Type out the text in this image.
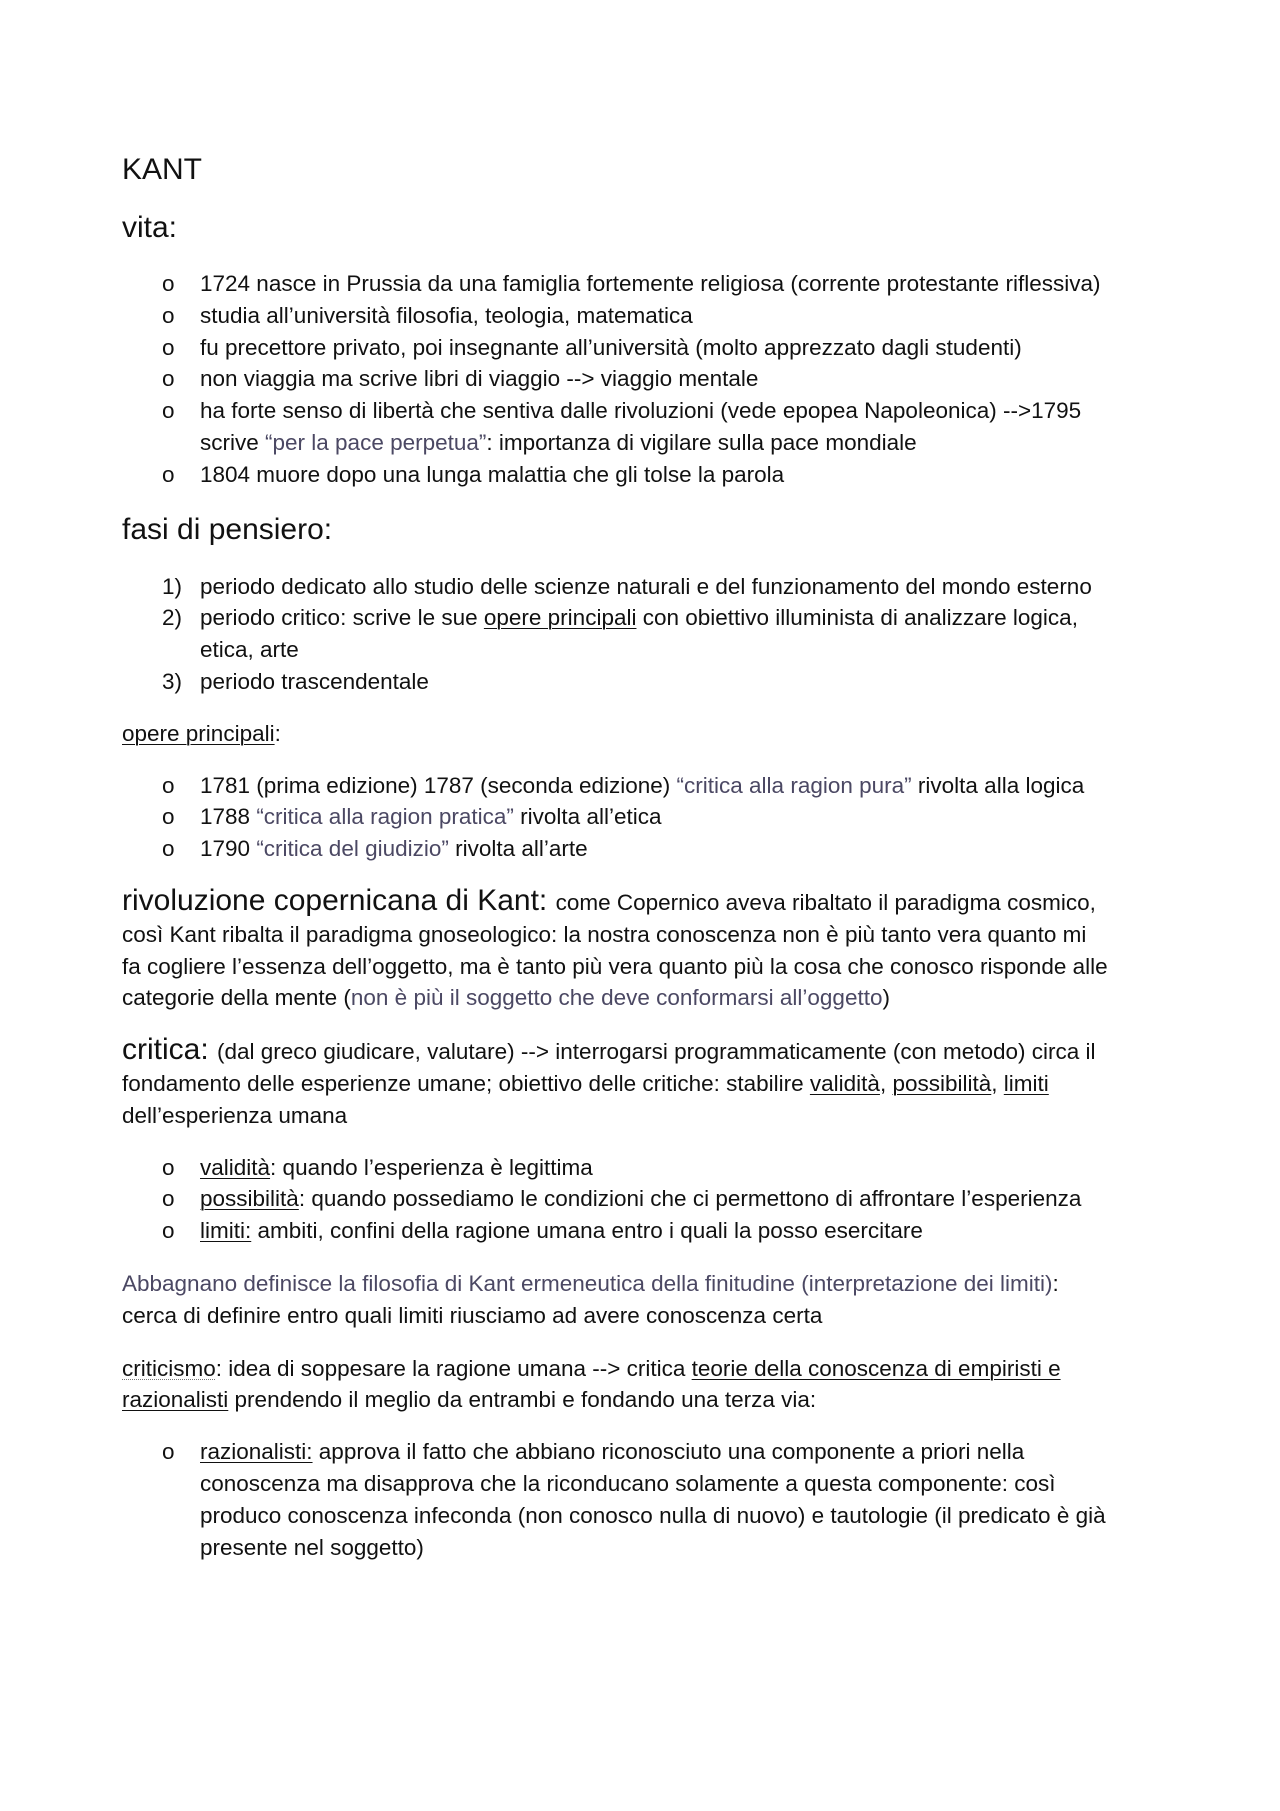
KANT

vita:

o 1724 nasce in Prussia da una famiglia fortemente religiosa (corrente protestante riflessiva)
o studia all’università filosofia, teologia, matematica
o fu precettore privato, poi insegnante all’università (molto apprezzato dagli studenti)
o non viaggia ma scrive libri di viaggio --> viaggio mentale
o ha forte senso di libertà che sentiva dalle rivoluzioni (vede epopea Napoleonica) -->1795
scrive “per la pace perpetua”: importanza di vigilare sulla pace mondiale
o 1804 muore dopo una lunga malattia che gli tolse la parola

fasi di pensiero:

1) periodo dedicato allo studio delle scienze naturali e del funzionamento del mondo esterno
2) periodo critico: scrive le sue opere principali con obiettivo illuminista di analizzare logica,
etica, arte
3) periodo trascendentale

opere principali:

o 1781 (prima edizione) 1787 (seconda edizione) “critica alla ragion pura” rivolta alla logica
o 1788 “critica alla ragion pratica” rivolta all’etica
o 1790 “critica del giudizio” rivolta all’arte

rivoluzione copernicana di Kant: come Copernico aveva ribaltato il paradigma cosmico,
così Kant ribalta il paradigma gnoseologico: la nostra conoscenza non è più tanto vera quanto mi
fa cogliere l’essenza dell’oggetto, ma è tanto più vera quanto più la cosa che conosco risponde alle
categorie della mente (non è più il soggetto che deve conformarsi all’oggetto)

critica: (dal greco giudicare, valutare) --> interrogarsi programmaticamente (con metodo) circa il
fondamento delle esperienze umane; obiettivo delle critiche: stabilire validità, possibilità, limiti
dell’esperienza umana

o validità: quando l’esperienza è legittima
o possibilità: quando possediamo le condizioni che ci permettono di affrontare l’esperienza
o limiti: ambiti, confini della ragione umana entro i quali la posso esercitare

Abbagnano definisce la filosofia di Kant ermeneutica della finitudine (interpretazione dei limiti):
cerca di definire entro quali limiti riusciamo ad avere conoscenza certa

criticismo: idea di soppesare la ragione umana --> critica teorie della conoscenza di empiristi e
razionalisti prendendo il meglio da entrambi e fondando una terza via:

o razionalisti: approva il fatto che abbiano riconosciuto una componente a priori nella
conoscenza ma disapprova che la riconducano solamente a questa componente: così
produco conoscenza infeconda (non conosco nulla di nuovo) e tautologie (il predicato è già
presente nel soggetto)
